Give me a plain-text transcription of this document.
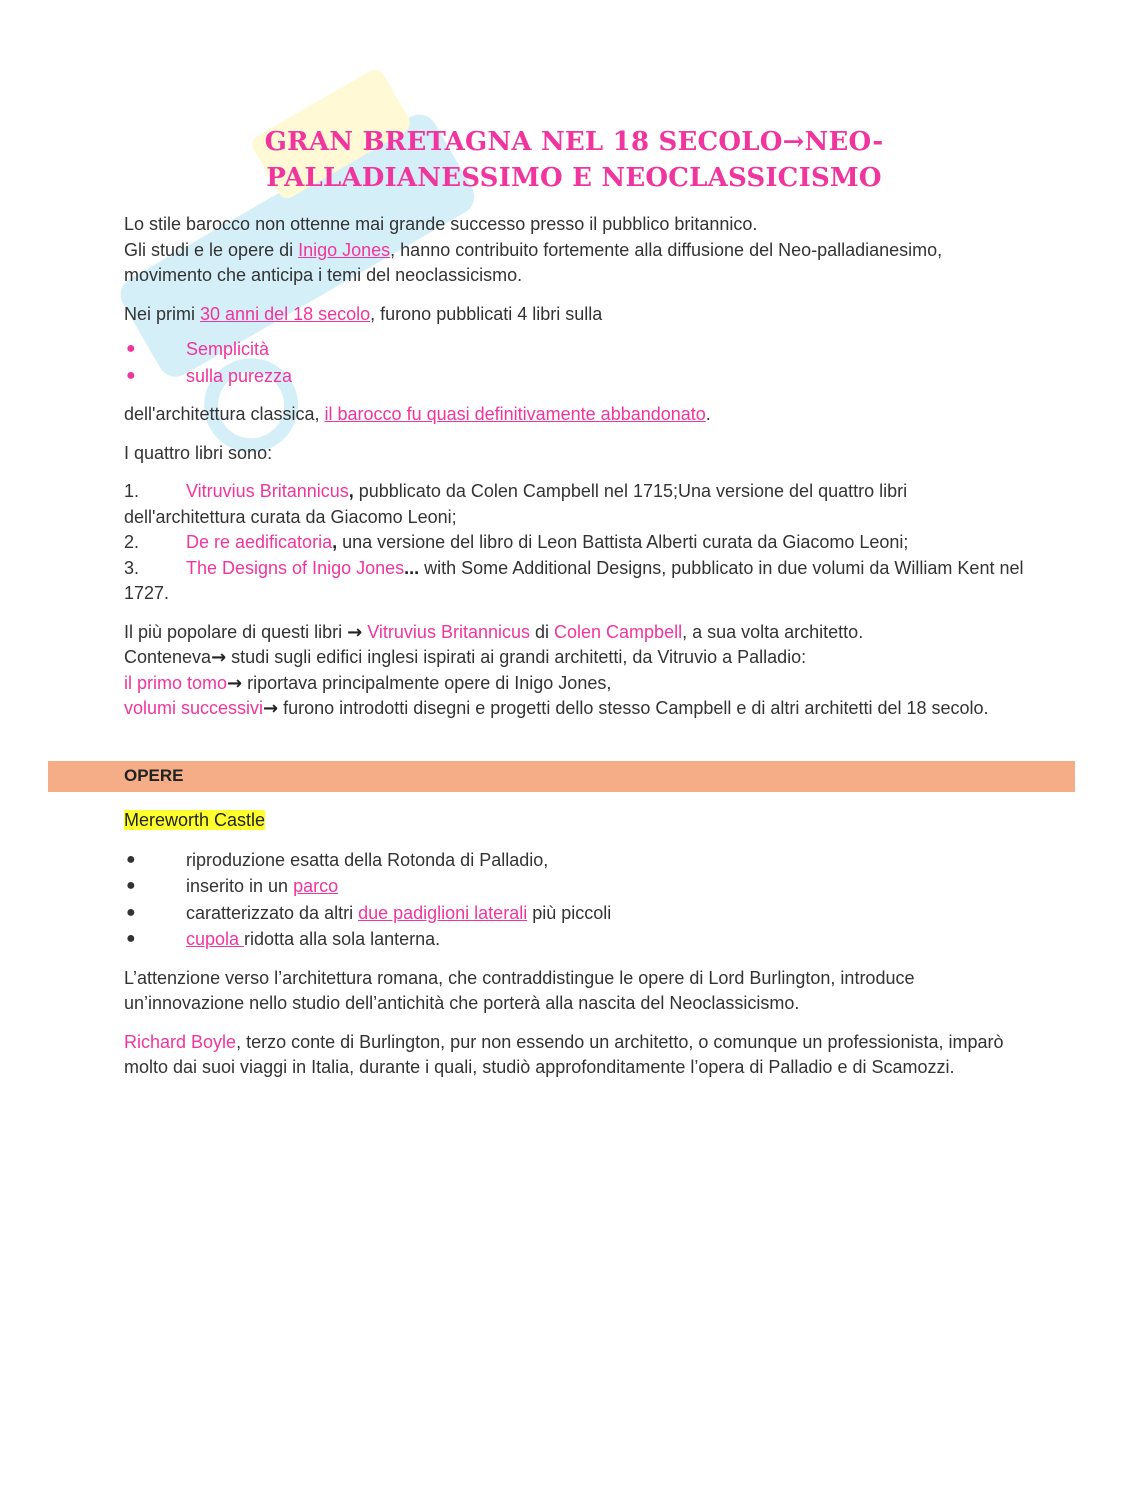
GRAN BRETAGNA NEL 18 SECOLO→NEO-PALLADIANESSIMO E NEOCLASSICISMO

Lo stile barocco non ottenne mai grande successo presso il pubblico britannico.

Gli studi e le opere di Inigo Jones, hanno contribuito fortemente alla diffusione del Neo-palladianesimo, movimento che anticipa i temi del neoclassicismo.

Nei primi 30 anni del 18 secolo, furono pubblicati 4 libri sulla

●	Semplicità
●	sulla purezza

dell'architettura classica, il barocco fu quasi definitivamente abbandonato.

I quattro libri sono:

1.	Vitruvius Britannicus, pubblicato da Colen Campbell nel 1715;Una versione del quattro libri dell'architettura curata da Giacomo Leoni;

2.	De re aedificatoria, una versione del libro di Leon Battista Alberti curata da Giacomo Leoni;

3.	The Designs of Inigo Jones... with Some Additional Designs, pubblicato in due volumi da William Kent nel 1727.

Il più popolare di questi libri → Vitruvius Britannicus di Colen Campbell, a sua volta architetto.

Conteneva→ studi sugli edifici inglesi ispirati ai grandi architetti, da Vitruvio a Palladio:

il primo tomo→ riportava principalmente opere di Inigo Jones,

volumi successivi→ furono introdotti disegni e progetti dello stesso Campbell e di altri architetti del 18 secolo.

OPERE

Mereworth Castle

●	riproduzione esatta della Rotonda di Palladio,
●	inserito in un parco
●	caratterizzato da altri due padiglioni laterali più piccoli
●	cupola ridotta alla sola lanterna.

L’attenzione verso l’architettura romana, che contraddistingue le opere di Lord Burlington, introduce un’innovazione nello studio dell’antichità che porterà alla nascita del Neoclassicismo.

Richard Boyle, terzo conte di Burlington, pur non essendo un architetto, o comunque un professionista, imparò molto dai suoi viaggi in Italia, durante i quali, studiò approfonditamente l’opera di Palladio e di Scamozzi.
